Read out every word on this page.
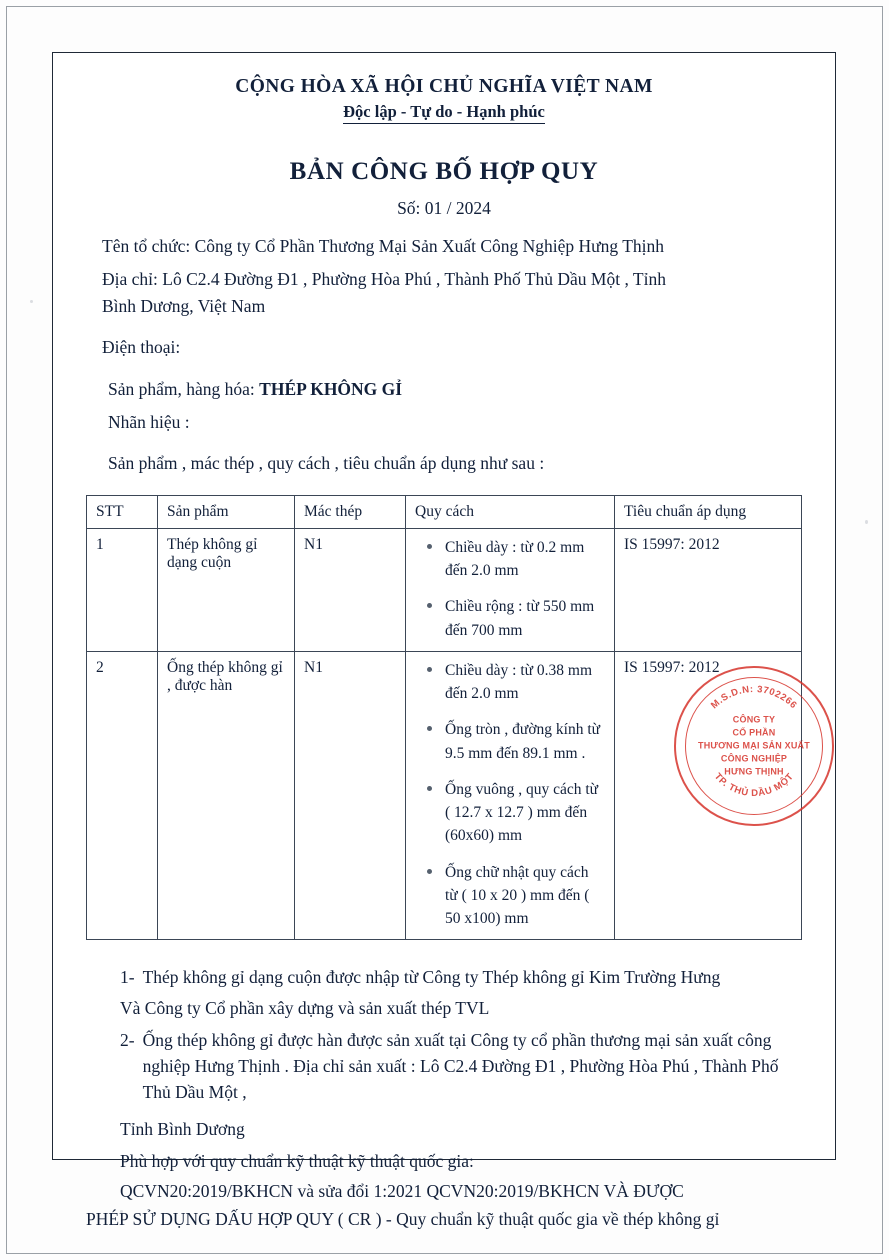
CỘNG HÒA XÃ HỘI CHỦ NGHĨA VIỆT NAM
Độc lập - Tự do - Hạnh phúc
BẢN CÔNG BỐ HỢP QUY
Số: 01 / 2024
Tên tổ chức: Công ty Cổ Phần Thương Mại Sản Xuất Công Nghiệp Hưng Thịnh
Địa chỉ: Lô C2.4 Đường Đ1 , Phường Hòa Phú , Thành Phố Thủ Dầu Một , Tỉnh
Bình Dương, Việt Nam
Điện thoại:
Sản phẩm, hàng hóa: THÉP KHÔNG GỈ
Nhãn hiệu :
Sản phẩm , mác thép , quy cách , tiêu chuẩn áp dụng như sau :
STT	Sản phẩm	Mác thép	Quy cách	Tiêu chuẩn áp dụng
1	Thép không gỉ dạng cuộn	N1	Chiều dày : từ 0.2 mm đến 2.0 mm
Chiều rộng : từ 550 mm đến 700 mm
	IS 15997: 2012
2	Ống thép không gỉ , được hàn	N1	Chiều dày : từ 0.38 mm đến 2.0 mm
Ống tròn , đường kính từ 9.5 mm đến 89.1 mm .
Ống vuông , quy cách từ ( 12.7 x 12.7 ) mm đến (60x60) mm
Ống chữ nhật quy cách từ ( 10 x 20 ) mm đến ( 50 x100) mm
	IS 15997: 2012
1- Thép không gỉ dạng cuộn được nhập từ Công ty Thép không gỉ Kim Trường Hưng
Và Công ty Cổ phần xây dựng và sản xuất thép TVL
2- Ống thép không gỉ được hàn được sản xuất tại Công ty cổ phần thương mại sản xuất công nghiệp Hưng Thịnh . Địa chỉ sản xuất : Lô C2.4 Đường Đ1 , Phường Hòa Phú , Thành Phố Thủ Dầu Một ,
Tỉnh Bình Dương
Phù hợp với quy chuẩn kỹ thuật kỹ thuật quốc gia:
QCVN20:2019/BKHCN và sửa đổi 1:2021 QCVN20:2019/BKHCN VÀ ĐƯỢC
PHÉP SỬ DỤNG DẤU HỢP QUY ( CR ) - Quy chuẩn kỹ thuật quốc gia về thép không gỉ
M.S.D.N: 3702266
TP. THỦ DẦU MỘT
CÔNG TY
CỔ PHẦN
THƯƠNG MẠI SẢN XUẤT
CÔNG NGHIỆP
HƯNG THỊNH
